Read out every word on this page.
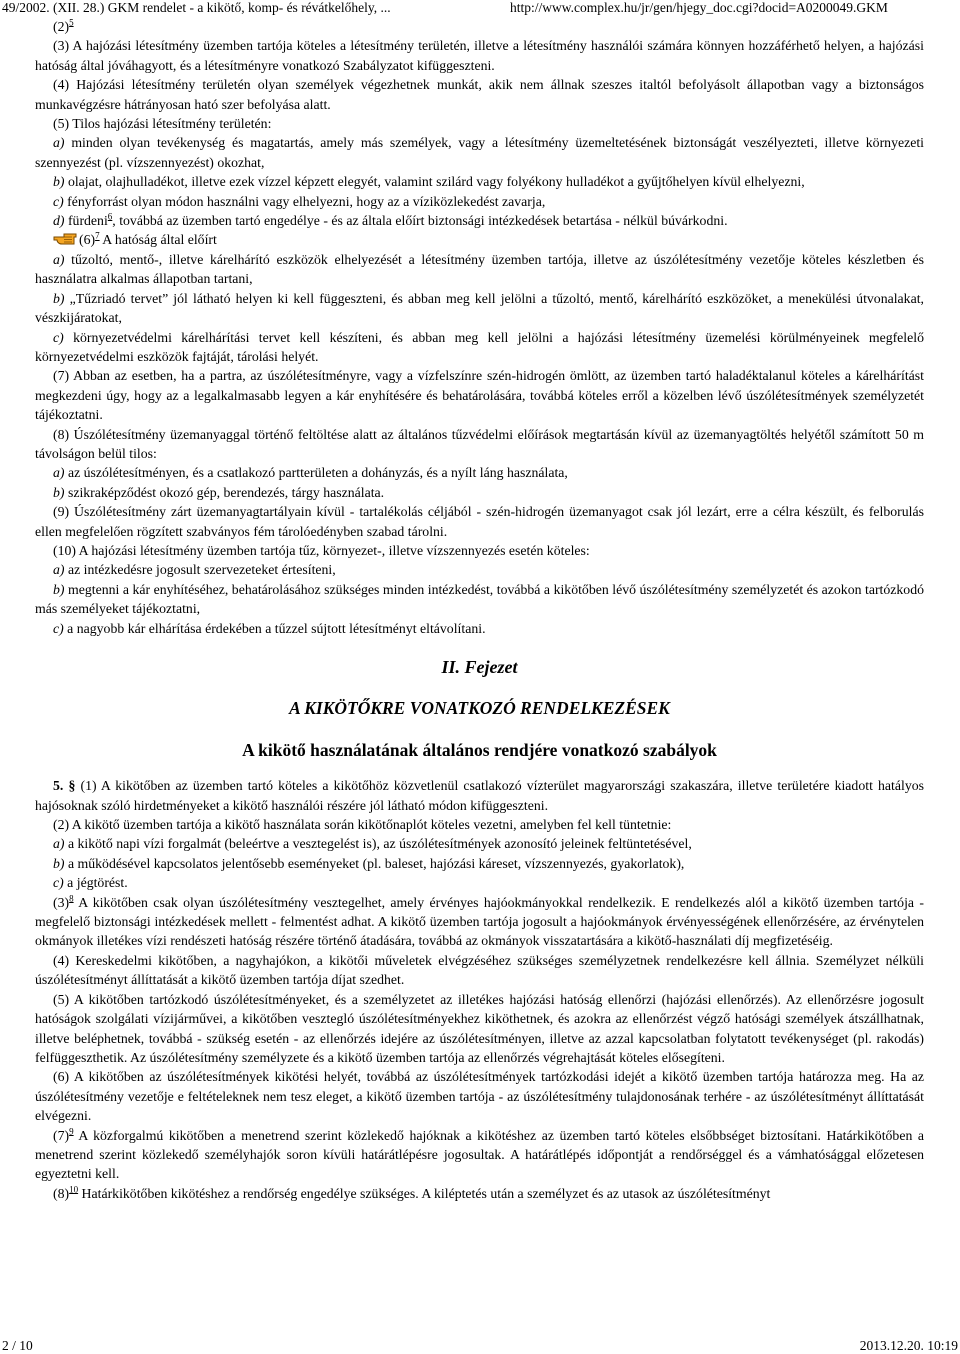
49/2002. (XII. 28.) GKM rendelet - a kikötő, komp- és révátkelőhely, ...	http://www.complex.hu/jr/gen/hjegy_doc.cgi?docid=A0200049.GKM

$(2)^5$

(3) A hajózási létesítmény üzemben tartója köteles a létesítmény területén, illetve a létesítmény használói számára könnyen hozzáférhető helyen, a hajózási hatóság által jóváhagyott, és a létesítményre vonatkozó Szabályzatot kifüggeszteni.

(4) Hajózási létesítmény területén olyan személyek végezhetnek munkát, akik nem állnak szeszes italtól befolyásolt állapotban vagy a biztonságos munkavégzésre hátrányosan ható szer befolyása alatt.

(5) Tilos hajózási létesítmény területén:

a) minden olyan tevékenység és magatartás, amely más személyek, vagy a létesítmény üzemeltetésének biztonságát veszélyezteti, illetve környezeti szennyezést (pl. vízszennyezést) okozhat,

b) olajat, olajhulladékot, illetve ezek vízzel képzett elegyét, valamint szilárd vagy folyékony hulladékot a gyűjtőhelyen kívül elhelyezni,

c) fényforrást olyan módon használni vagy elhelyezni, hogy az a víziközlekedést zavarja,

d) fürdeni$^6$, továbbá az üzemben tartó engedélye - és az általa előírt biztonsági intézkedések betartása - nélkül búvárkodni.

$(6)^7$ A hatóság által előírt

a) tűzoltó, mentő-, illetve kárelhárító eszközök elhelyezését a létesítmény üzemben tartója, illetve az úszólétesítmény vezetője köteles készletben és használatra alkalmas állapotban tartani,

b) „Tűzriadó tervet” jól látható helyen ki kell függeszteni, és abban meg kell jelölni a tűzoltó, mentő, kárelhárító eszközöket, a menekülési útvonalakat, vészkijáratokat,

c) környezetvédelmi kárelhárítási tervet kell készíteni, és abban meg kell jelölni a hajózási létesítmény üzemelési körülményeinek megfelelő környezetvédelmi eszközök fajtáját, tárolási helyét.

(7) Abban az esetben, ha a partra, az úszólétesítményre, vagy a vízfelszínre szén-hidrogén ömlött, az üzemben tartó haladéktalanul köteles a kárelhárítást megkezdeni úgy, hogy az a legalkalmasabb legyen a kár enyhítésére és behatárolására, továbbá köteles erről a közelben lévő úszólétesítmények személyzetét tájékoztatni.

(8) Úszólétesítmény üzemanyaggal történő feltöltése alatt az általános tűzvédelmi előírások megtartásán kívül az üzemanyagtöltés helyétől számított 50 m távolságon belül tilos:

a) az úszólétesítményen, és a csatlakozó partterületen a dohányzás, és a nyílt láng használata,

b) szikraképződést okozó gép, berendezés, tárgy használata.

(9) Úszólétesítmény zárt üzemanyagtartályain kívül - tartalékolás céljából - szén-hidrogén üzemanyagot csak jól lezárt, erre a célra készült, és felborulás ellen megfelelően rögzített szabványos fém tárolóedényben szabad tárolni.

(10) A hajózási létesítmény üzemben tartója tűz, környezet-, illetve vízszennyezés esetén köteles:

a) az intézkedésre jogosult szervezeteket értesíteni,

b) megtenni a kár enyhítéséhez, behatárolásához szükséges minden intézkedést, továbbá a kikötőben lévő úszólétesítmény személyzetét és azokon tartózkodó más személyeket tájékoztatni,

c) a nagyobb kár elhárítása érdekében a tűzzel sújtott létesítményt eltávolítani.

II. Fejezet

A KIKÖTŐKRE VONATKOZÓ RENDELKEZÉSEK

A kikötő használatának általános rendjére vonatkozó szabályok

5. § (1) A kikötőben az üzemben tartó köteles a kikötőhöz közvetlenül csatlakozó vízterület magyarországi szakaszára, illetve területére kiadott hatályos hajósoknak szóló hirdetményeket a kikötő használói részére jól látható módon kifüggeszteni.

(2) A kikötő üzemben tartója a kikötő használata során kikötőnaplót köteles vezetni, amelyben fel kell tüntetnie:

a) a kikötő napi vízi forgalmát (beleértve a vesztegelést is), az úszólétesítmények azonosító jeleinek feltüntetésével,

b) a működésével kapcsolatos jelentősebb eseményeket (pl. baleset, hajózási káreset, vízszennyezés, gyakorlatok),

c) a jégtörést.

$(3)^8$ A kikötőben csak olyan úszólétesítmény vesztegelhet, amely érvényes hajóokmányokkal rendelkezik. E rendelkezés alól a kikötő üzemben tartója - megfelelő biztonsági intézkedések mellett - felmentést adhat. A kikötő üzemben tartója jogosult a hajóokmányok érvényességének ellenőrzésére, az érvénytelen okmányok illetékes vízi rendészeti hatóság részére történő átadására, továbbá az okmányok visszatartására a kikötő-használati díj megfizetéséig.

(4) Kereskedelmi kikötőben, a nagyhajókon, a kikötői műveletek elvégzéséhez szükséges személyzetnek rendelkezésre kell állnia. Személyzet nélküli úszólétesítményt állíttatását a kikötő üzemben tartója díjat szedhet.

(5) A kikötőben tartózkodó úszólétesítményeket, és a személyzetet az illetékes hajózási hatóság ellenőrzi (hajózási ellenőrzés). Az ellenőrzésre jogosult hatóságok szolgálati vízijárművei, a kikötőben vesztegló úszólétesítményekhez kiköthetnek, és azokra az ellenőrzést végző hatósági személyek átszállhatnak, illetve beléphetnek, továbbá - szükség esetén - az ellenőrzés idejére az úszólétesítményen, illetve az azzal kapcsolatban folytatott tevékenységet (pl. rakodás) felfüggeszthetik. Az úszólétesítmény személyzete és a kikötő üzemben tartója az ellenőrzés végrehajtását köteles elősegíteni.

(6) A kikötőben az úszólétesítmények kikötési helyét, továbbá az úszólétesítmények tartózkodási idejét a kikötő üzemben tartója határozza meg. Ha az úszólétesítmény vezetője e feltételeknek nem tesz eleget, a kikötő üzemben tartója - az úszólétesítmény tulajdonosának terhére - az úszólétesítményt állíttatását elvégezni.

$(7)^9$ A közforgalmú kikötőben a menetrend szerint közlekedő hajóknak a kikötéshez az üzemben tartó köteles elsőbbséget biztosítani. Határkikötőben a menetrend szerint közlekedő személyhajók soron kívüli határátlépésre jogosultak. A határátlépés időpontját a rendőrséggel és a vámhatósággal előzetesen egyeztetni kell.

$(8)^{10}$ Határkikötőben kikötéshez a rendőrség engedélye szükséges. A kiléptetés után a személyzet és az utasok az úszólétesítményt

2 / 10	2013.12.20. 10:19
